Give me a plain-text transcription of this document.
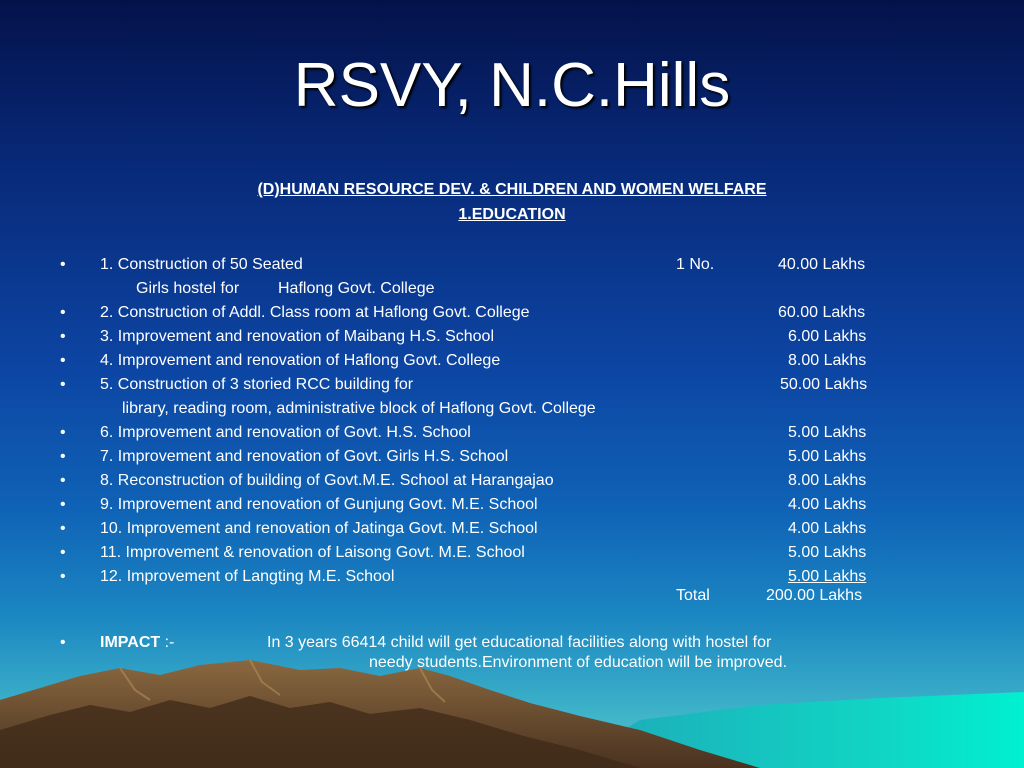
RSVY, N.C.Hills
(D)HUMAN RESOURCE DEV. & CHILDREN AND WOMEN WELFARE
1.EDUCATION
• 1. Construction of 50 Seated	1 No.	40.00 Lakhs
Girls hostel for Haflong Govt. College
• 2. Construction of Addl. Class room at Haflong Govt. College	60.00 Lakhs
• 3. Improvement and renovation of Maibang H.S. School	6.00 Lakhs
• 4. Improvement and renovation of Haflong Govt. College	8.00 Lakhs
• 5. Construction of 3 storied RCC building for	50.00 Lakhs
library, reading room, administrative block of Haflong Govt. College
• 6. Improvement and renovation of Govt. H.S. School	5.00 Lakhs
• 7. Improvement and renovation of Govt. Girls H.S. School	5.00 Lakhs
• 8. Reconstruction of building of Govt.M.E. School at Harangajao	8.00 Lakhs
• 9. Improvement and renovation of Gunjung Govt. M.E. School	4.00 Lakhs
• 10. Improvement and renovation of Jatinga Govt. M.E. School	4.00 Lakhs
• 11. Improvement & renovation of Laisong Govt. M.E. School	5.00 Lakhs
• 12. Improvement of Langting M.E. School	5.00 Lakhs
Total	200.00 Lakhs
• IMPACT :-	In 3 years 66414 child will get educational facilities along with hostel for
needy students.Environment of education will be improved.
